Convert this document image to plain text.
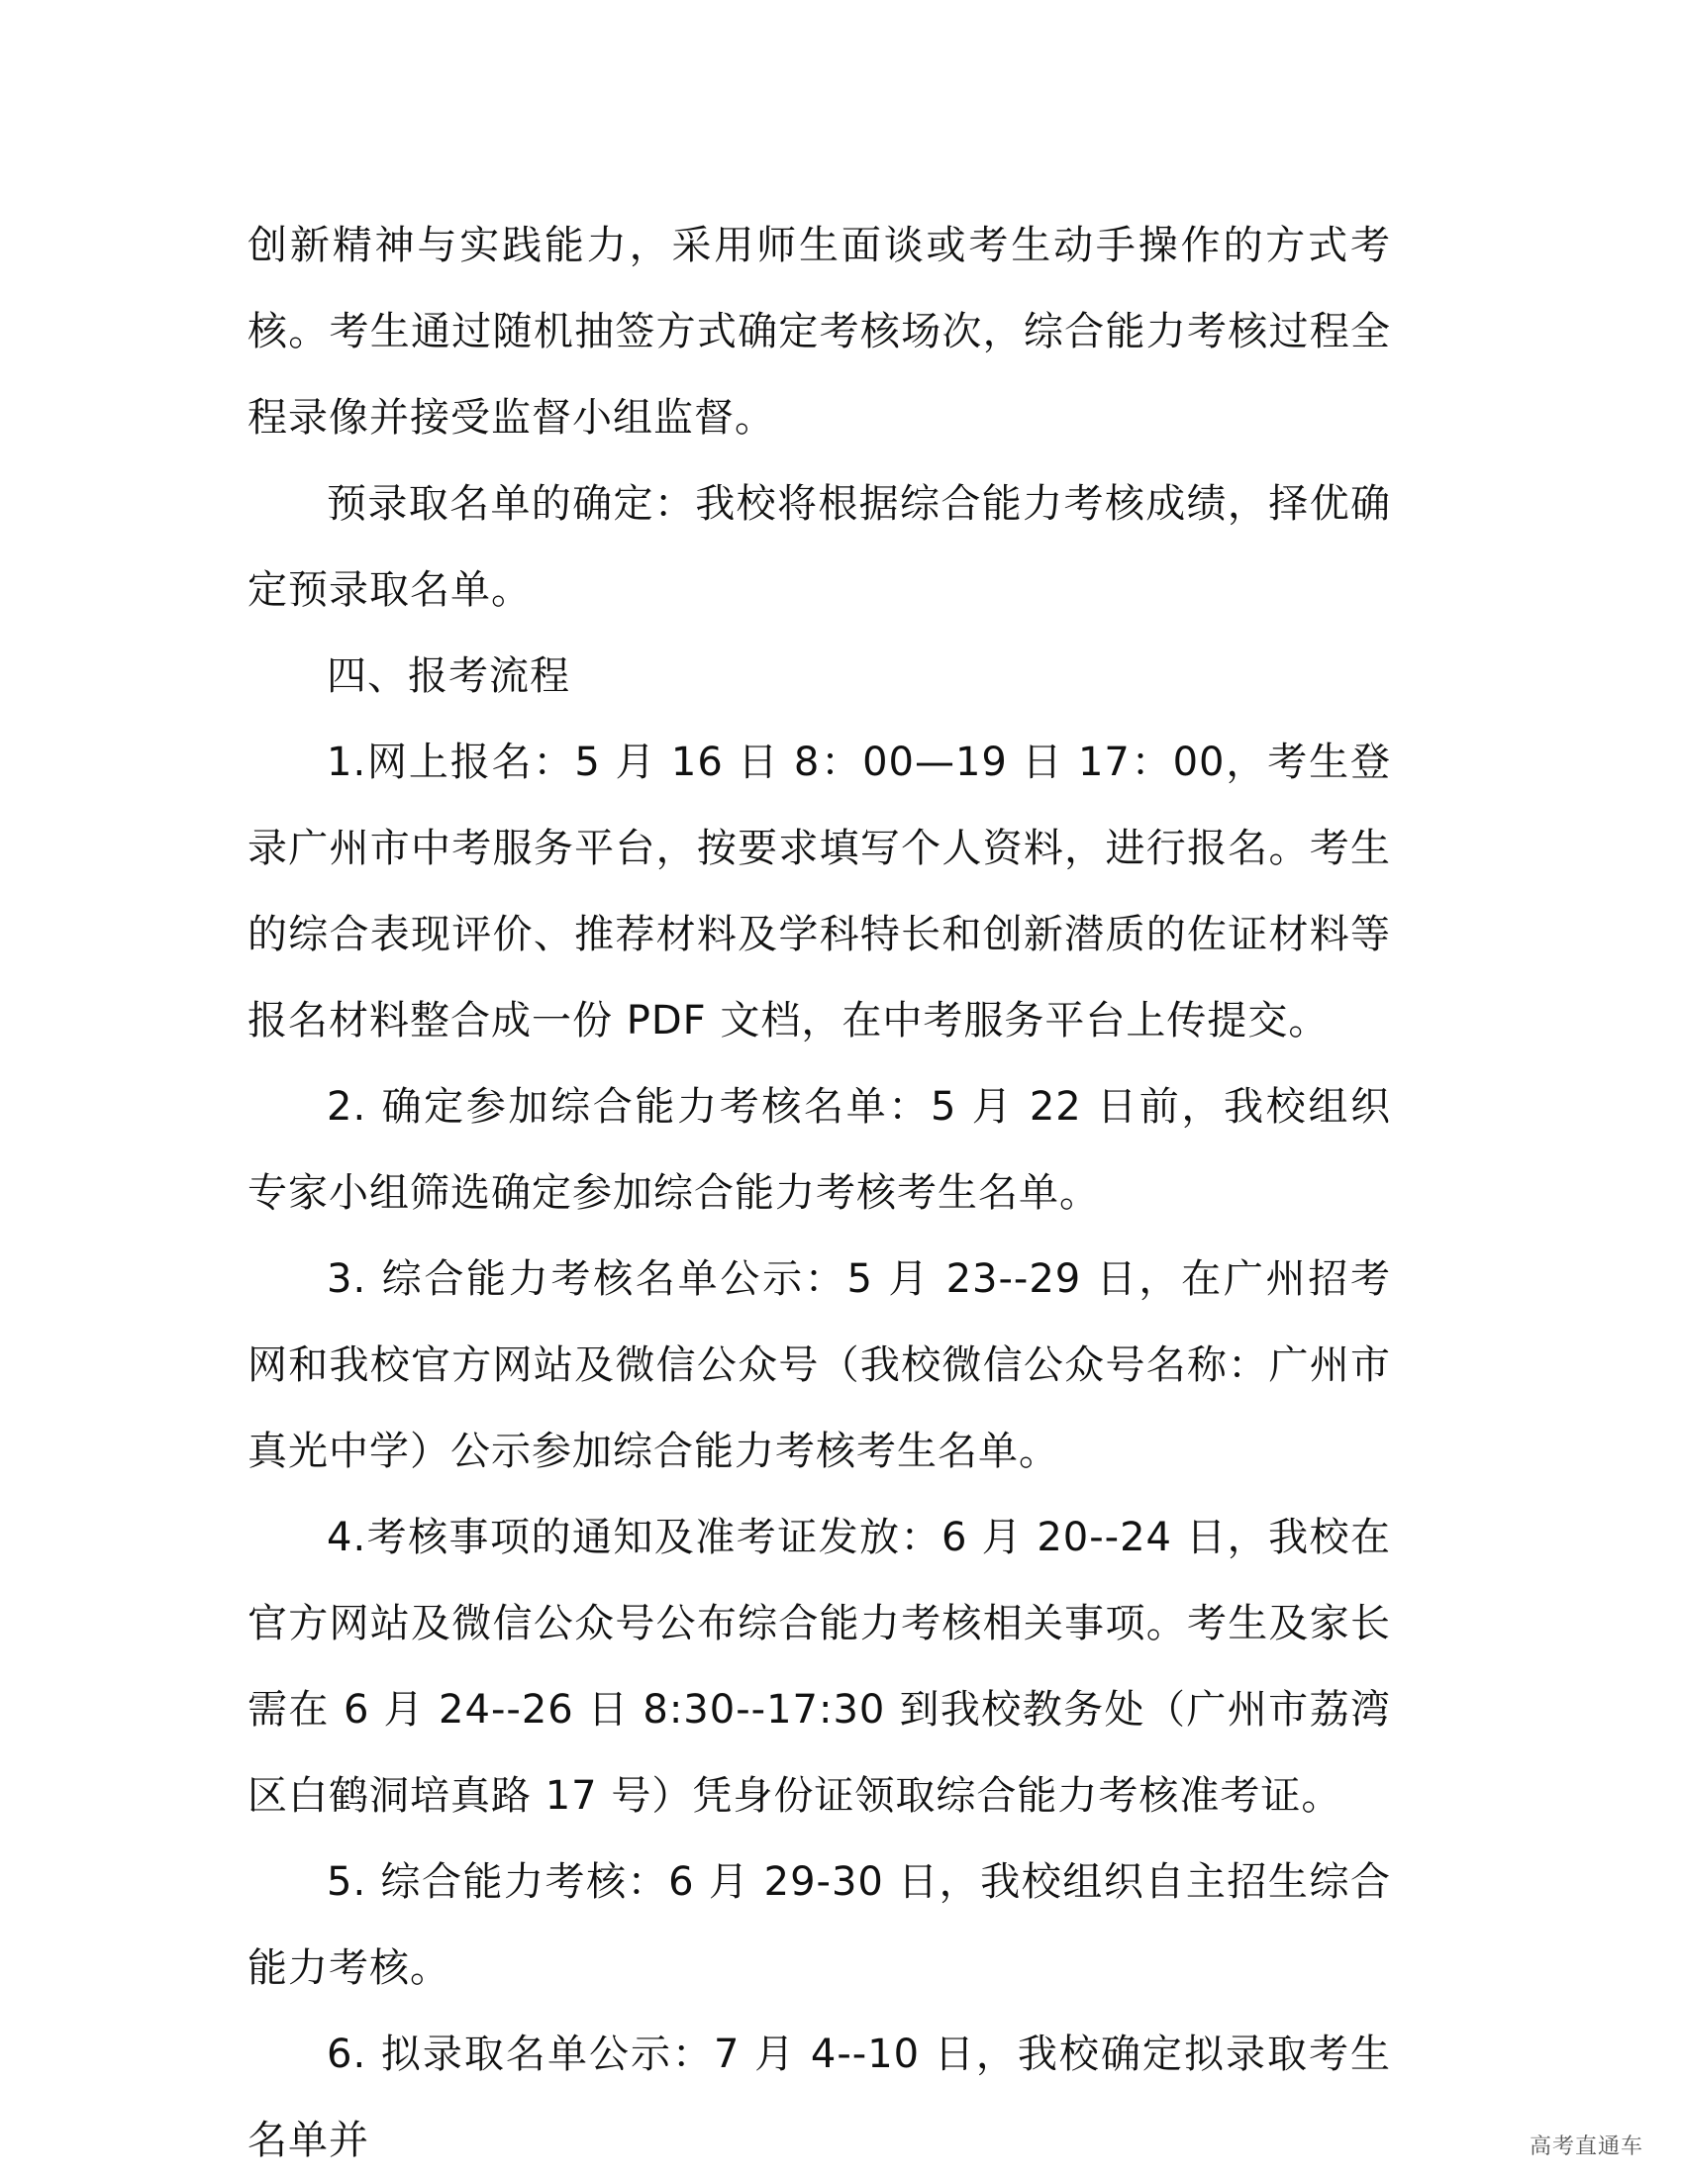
创新精神与实践能力，采用师生面谈或考生动手操作的方式考核。考生通过随机抽签方式确定考核场次，综合能力考核过程全程录像并接受监督小组监督。

预录取名单的确定：我校将根据综合能力考核成绩，择优确定预录取名单。

四、报考流程

1.网上报名：5 月 16 日 8：00—19 日 17：00，考生登录广州市中考服务平台，按要求填写个人资料，进行报名。考生的综合表现评价、推荐材料及学科特长和创新潜质的佐证材料等报名材料整合成一份 PDF 文档，在中考服务平台上传提交。

2. 确定参加综合能力考核名单：5 月 22 日前，我校组织专家小组筛选确定参加综合能力考核考生名单。

3. 综合能力考核名单公示：5 月 23--29 日，在广州招考网和我校官方网站及微信公众号（我校微信公众号名称：广州市真光中学）公示参加综合能力考核考生名单。

4.考核事项的通知及准考证发放：6 月 20--24 日，我校在官方网站及微信公众号公布综合能力考核相关事项。考生及家长需在 6 月 24--26 日 8:30--17:30 到我校教务处（广州市荔湾区白鹤洞培真路 17 号）凭身份证领取综合能力考核准考证。

5. 综合能力考核：6 月 29-30 日，我校组织自主招生综合能力考核。

6. 拟录取名单公示：7 月 4--10 日，我校确定拟录取考生名单并	高考直通车
